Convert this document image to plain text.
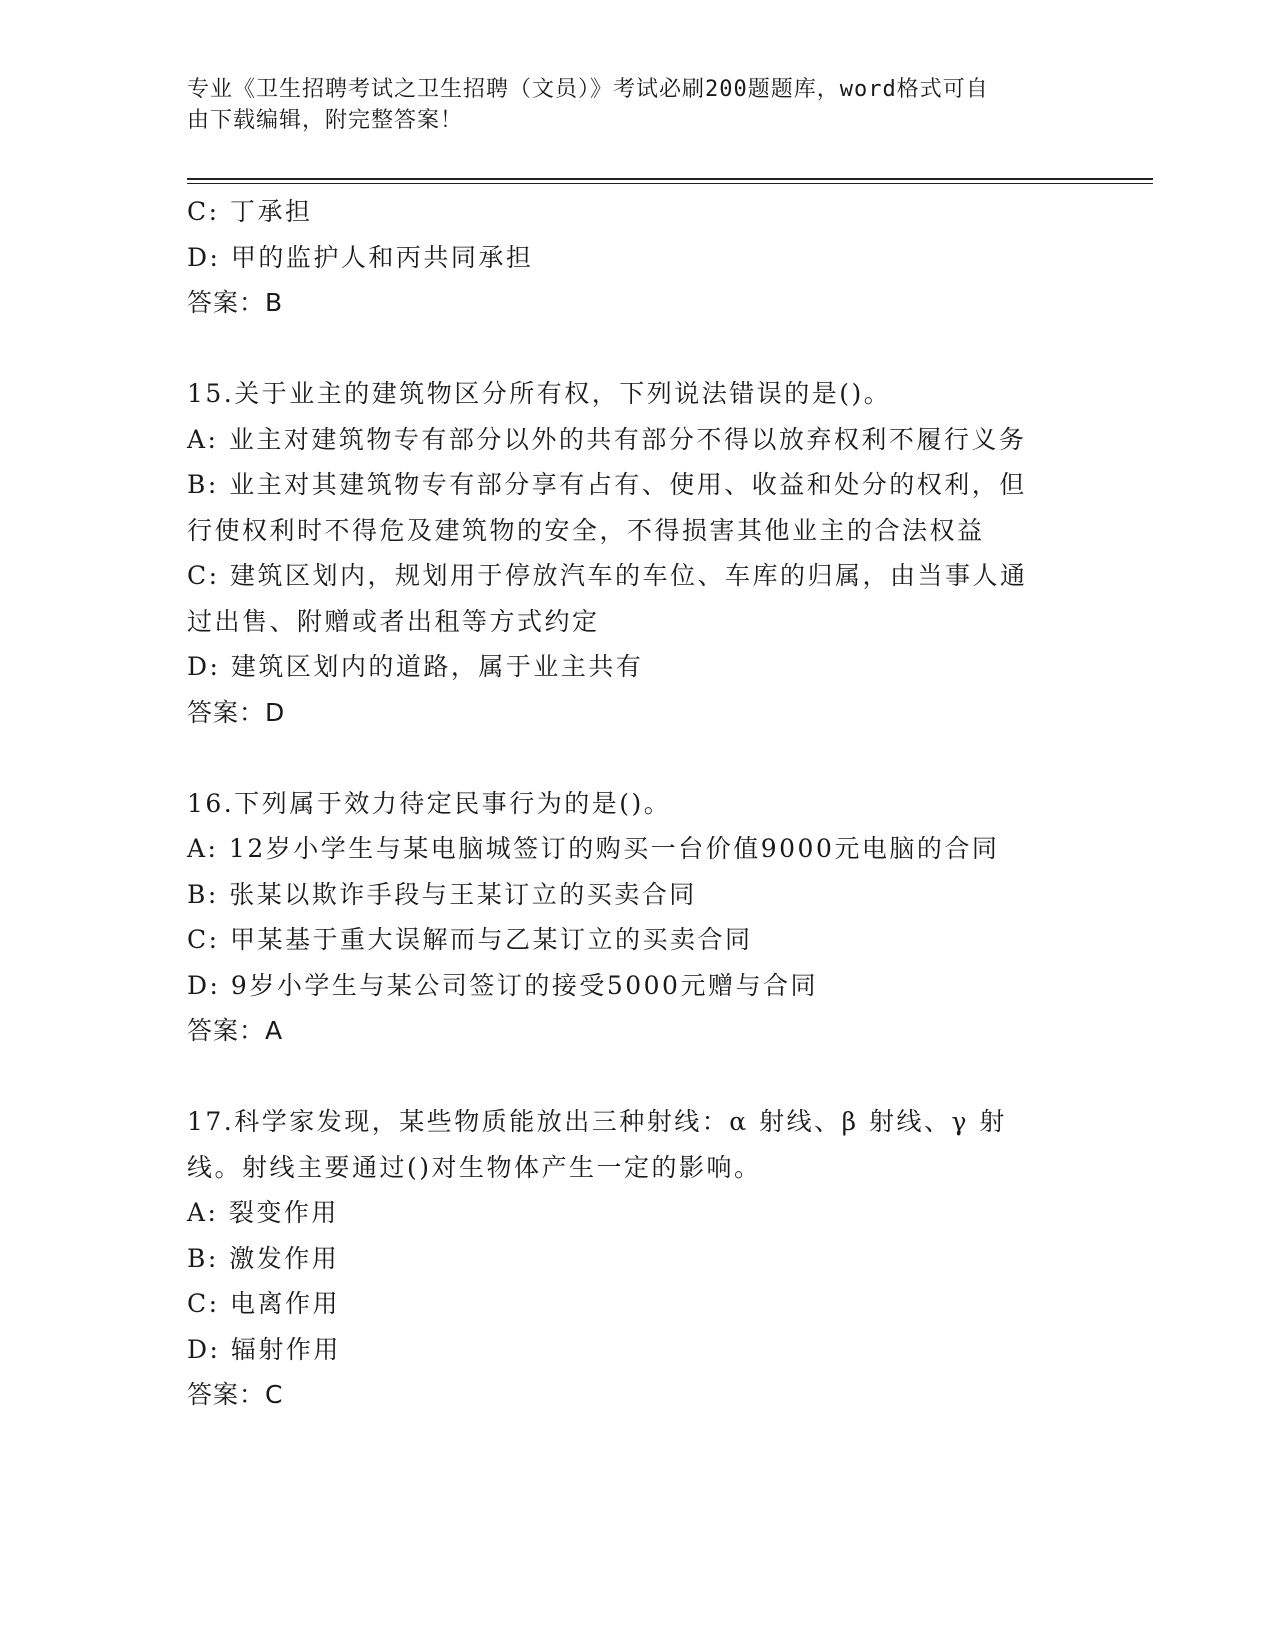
专业《卫生招聘考试之卫生招聘（文员）》考试必刷200题题库，word格式可自
由下载编辑，附完整答案！

C: 丁承担

D: 甲的监护人和丙共同承担

答案：B

15.关于业主的建筑物区分所有权，下列说法错误的是()。

A: 业主对建筑物专有部分以外的共有部分不得以放弃权利不履行义务

B: 业主对其建筑物专有部分享有占有、使用、收益和处分的权利，但

行使权利时不得危及建筑物的安全，不得损害其他业主的合法权益

C: 建筑区划内，规划用于停放汽车的车位、车库的归属，由当事人通

过出售、附赠或者出租等方式约定

D: 建筑区划内的道路，属于业主共有

答案：D

16.下列属于效力待定民事行为的是()。

A: 12岁小学生与某电脑城签订的购买一台价值9000元电脑的合同

B: 张某以欺诈手段与王某订立的买卖合同

C: 甲某基于重大误解而与乙某订立的买卖合同

D: 9岁小学生与某公司签订的接受5000元赠与合同

答案：A

17.科学家发现，某些物质能放出三种射线：α 射线、β 射线、γ 射

线。射线主要通过()对生物体产生一定的影响。

A: 裂变作用

B: 激发作用

C: 电离作用

D: 辐射作用

答案：C
